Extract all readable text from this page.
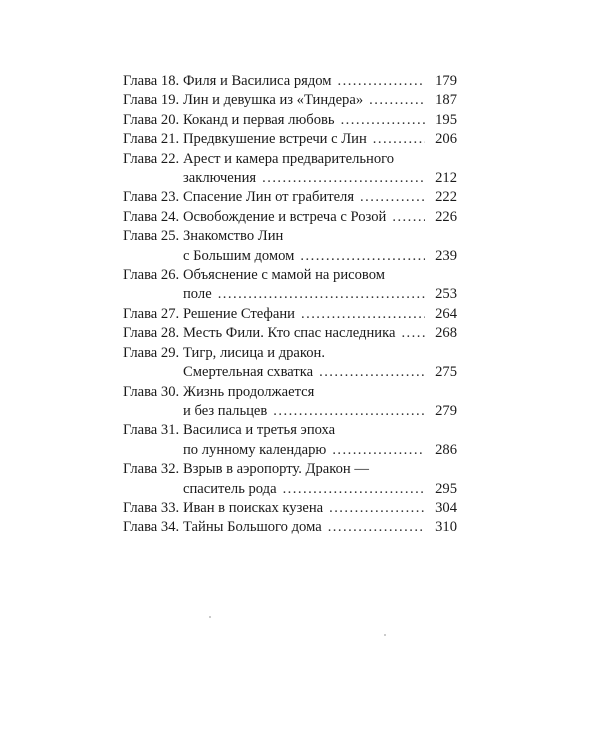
Глава 18. Филя и Василиса рядом . . .	179
Глава 19. Лин и девушка из «Тиндера» . . .	187
Глава 20. Коканд и первая любовь . . .	195
Глава 21. Предвкушение встречи с Лин . . .	206
Глава 22. Арест и камера предварительного
заключения . . .	212
Глава 23. Спасение Лин от грабителя . . .	222
Глава 24. Освобождение и встреча с Розой . . .	226
Глава 25. Знакомство Лин
с Большим домом . . .	239
Глава 26. Объяснение с мамой на рисовом
поле . . .	253
Глава 27. Решение Стефани . . .	264
Глава 28. Месть Фили. Кто спас наследника . . .	268
Глава 29. Тигр, лисица и дракон.
Смертельная схватка . . .	275
Глава 30. Жизнь продолжается
и без пальцев . . .	279
Глава 31. Василиса и третья эпоха
по лунному календарю . . .	286
Глава 32. Взрыв в аэропорту. Дракон —
спаситель рода . . .	295
Глава 33. Иван в поисках кузена . . .	304
Глава 34. Тайны Большого дома . . .	310
